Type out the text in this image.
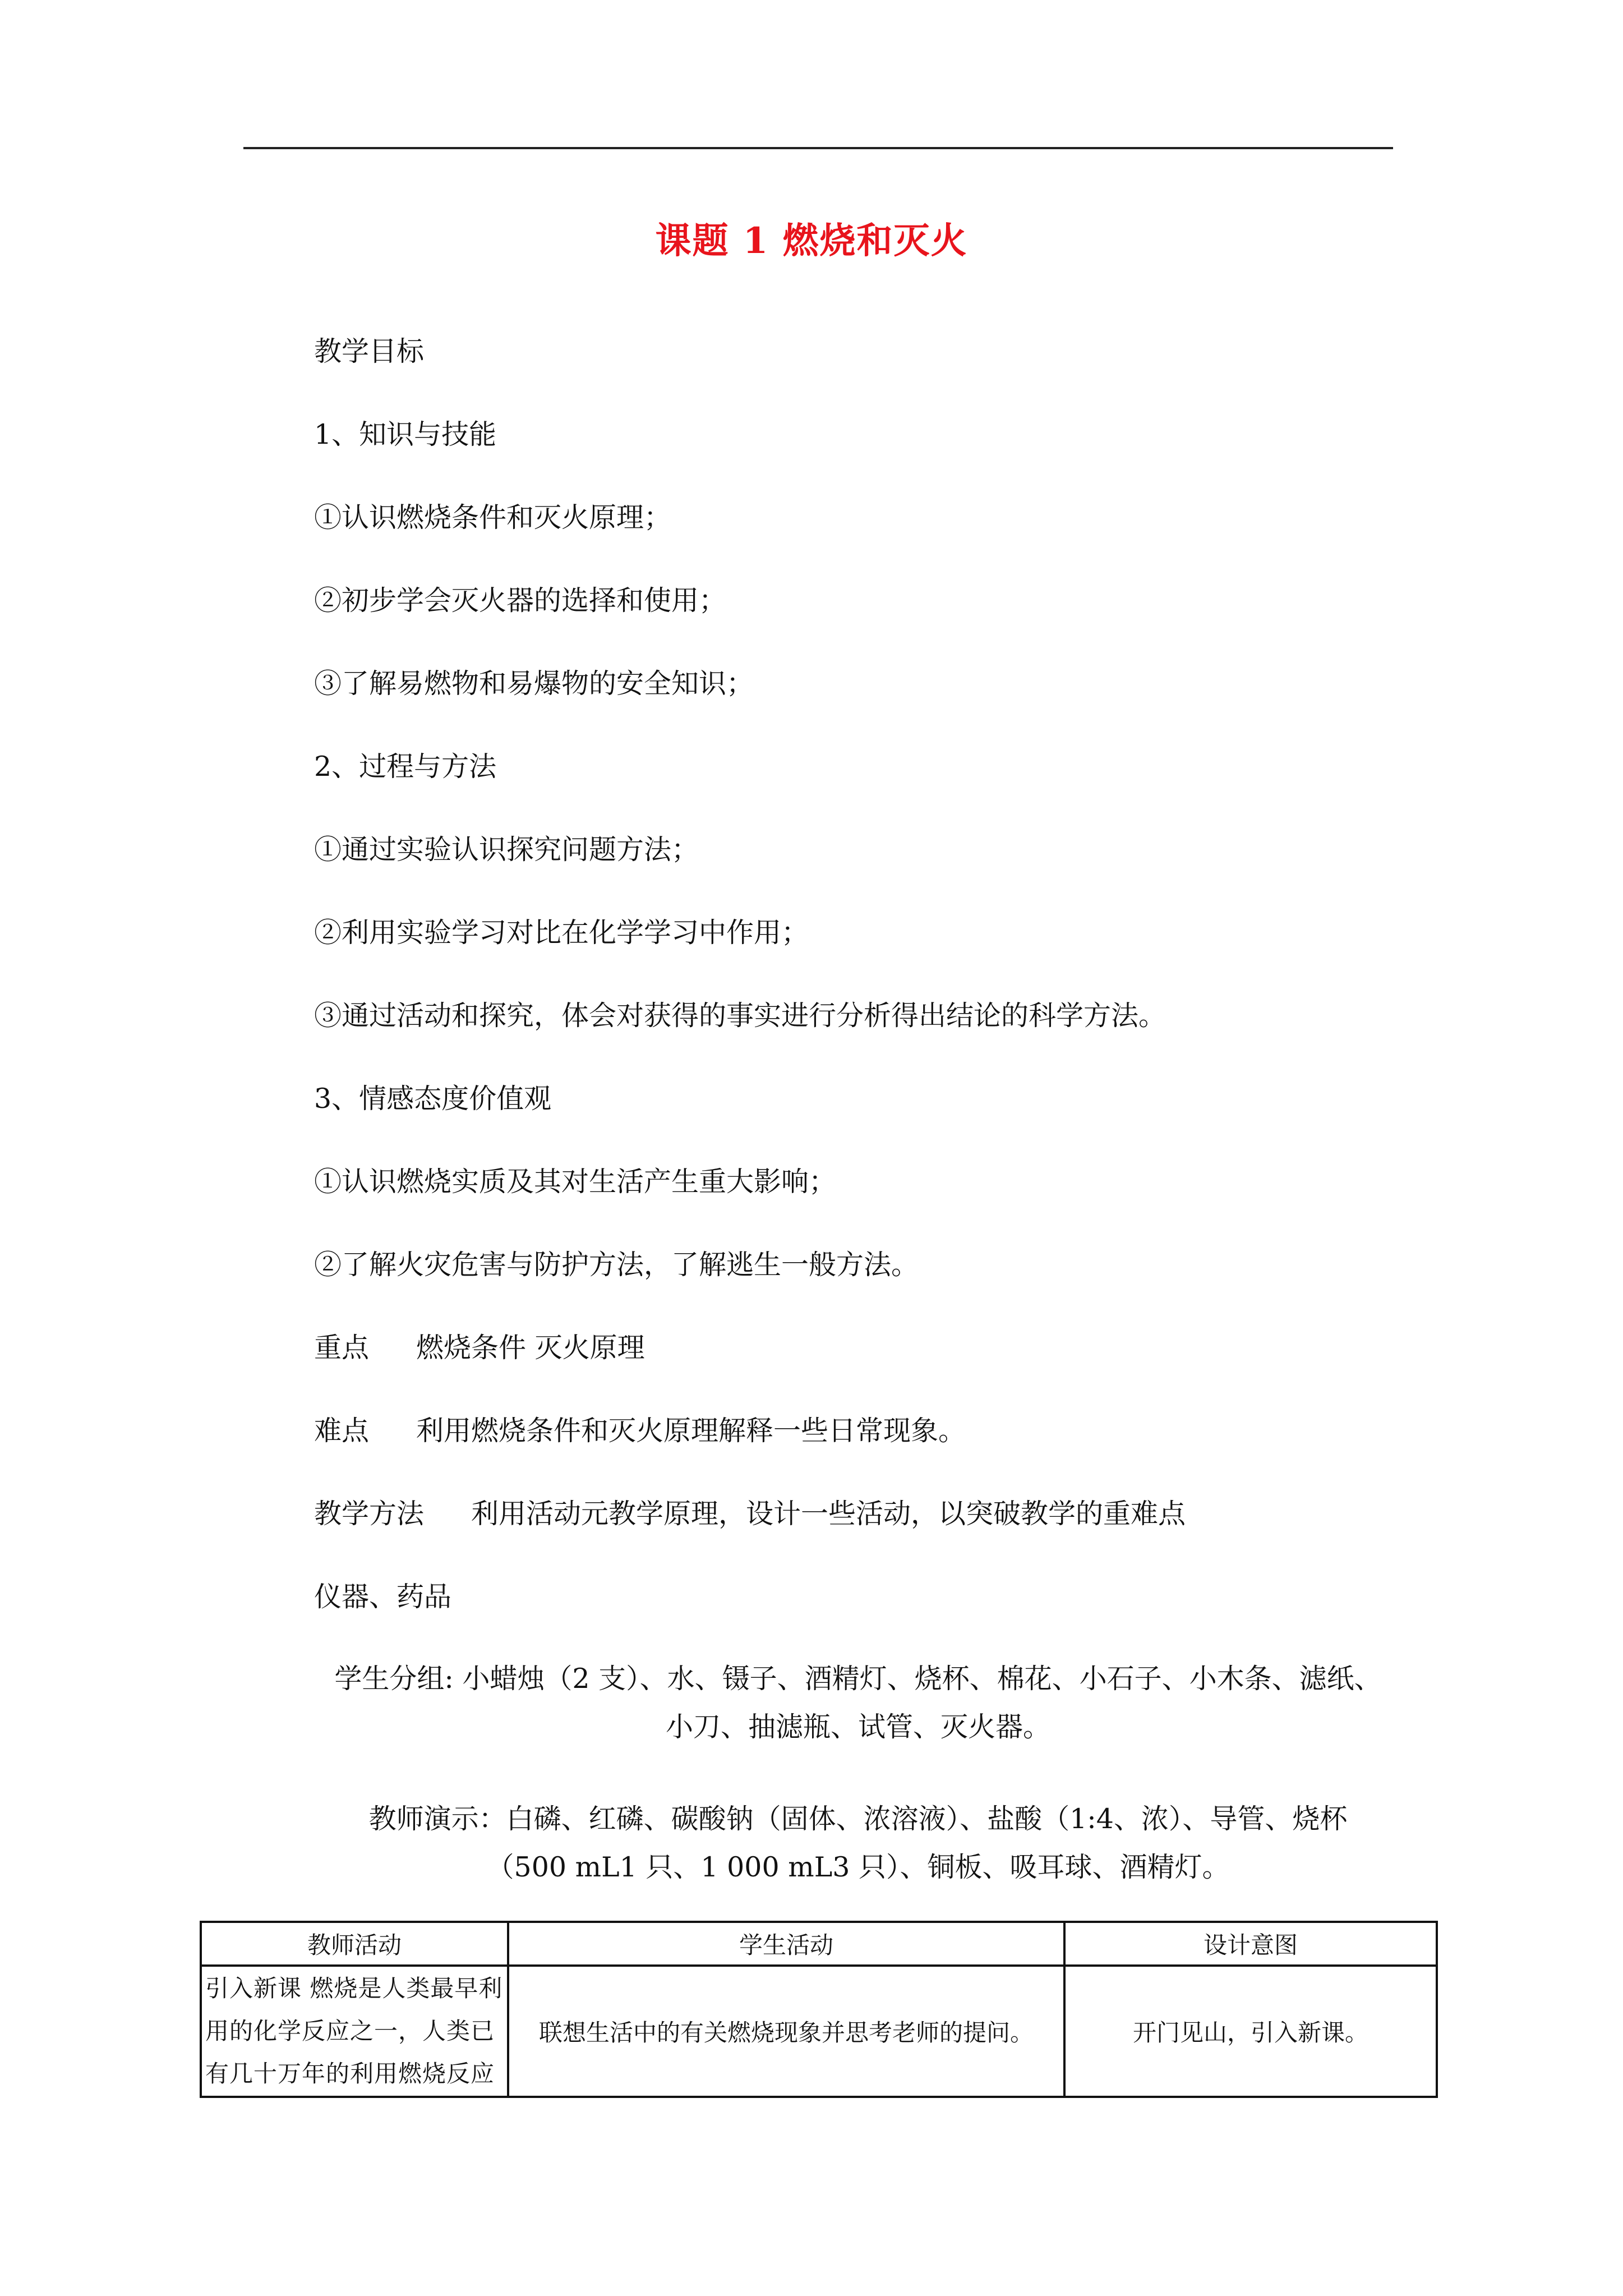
课题 1 燃烧和灭火
教学目标
1、知识与技能
①认识燃烧条件和灭火原理；
②初步学会灭火器的选择和使用；
③了解易燃物和易爆物的安全知识；
2、过程与方法
①通过实验认识探究问题方法；
②利用实验学习对比在化学学习中作用；
③通过活动和探究，体会对获得的事实进行分析得出结论的科学方法。
3、情感态度价值观
①认识燃烧实质及其对生活产生重大影响；
②了解火灾危害与防护方法，了解逃生一般方法。
重点 燃烧条件 灭火原理
难点 利用燃烧条件和灭火原理解释一些日常现象。
教学方法 利用活动元教学原理，设计一些活动，以突破教学的重难点
仪器、药品
学生分组: 小蜡烛（2 支）、水、镊子、酒精灯、烧杯、棉花、小石子、小木条、滤纸、
小刀、抽滤瓶、试管、灭火器。
教师演示：白磷、红磷、碳酸钠（固体、浓溶液）、盐酸（1:4、浓）、导管、烧杯
（500 mL1 只、1 000 mL3 只）、铜板、吸耳球、酒精灯。
教师活动	学生活动	设计意图

引入新课 燃烧是人类最早利
用的化学反应之一，人类已
有几十万年的利用燃烧反应	联想生活中的有关燃烧现象并思考老师的提问。	开门见山，引入新课。
